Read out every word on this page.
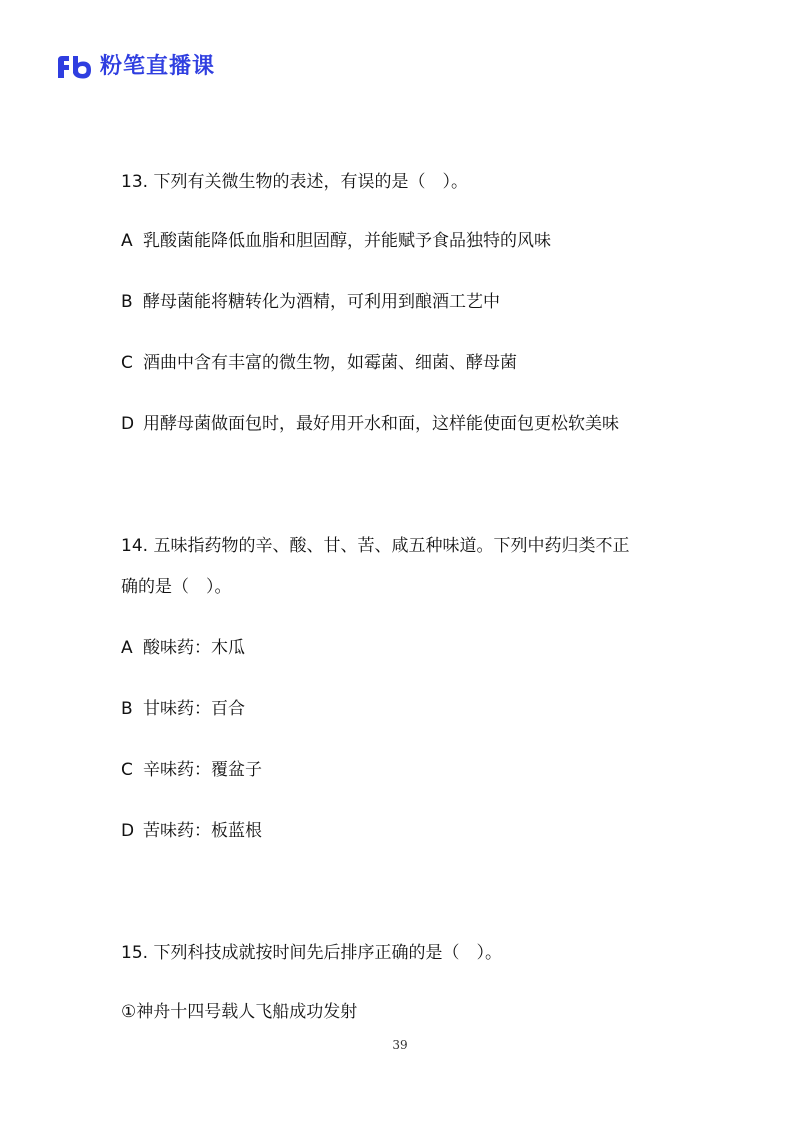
粉笔直播课
13. 下列有关微生物的表述，有误的是（　）。
A 乳酸菌能降低血脂和胆固醇，并能赋予食品独特的风味
B 酵母菌能将糖转化为酒精，可利用到酿酒工艺中
C 酒曲中含有丰富的微生物，如霉菌、细菌、酵母菌
D 用酵母菌做面包时，最好用开水和面，这样能使面包更松软美味
14. 五味指药物的辛、酸、甘、苦、咸五种味道。下列中药归类不正
确的是（　）。
A 酸味药：木瓜
B 甘味药：百合
C 辛味药：覆盆子
D 苦味药：板蓝根
15. 下列科技成就按时间先后排序正确的是（　）。
①神舟十四号载人飞船成功发射
39
